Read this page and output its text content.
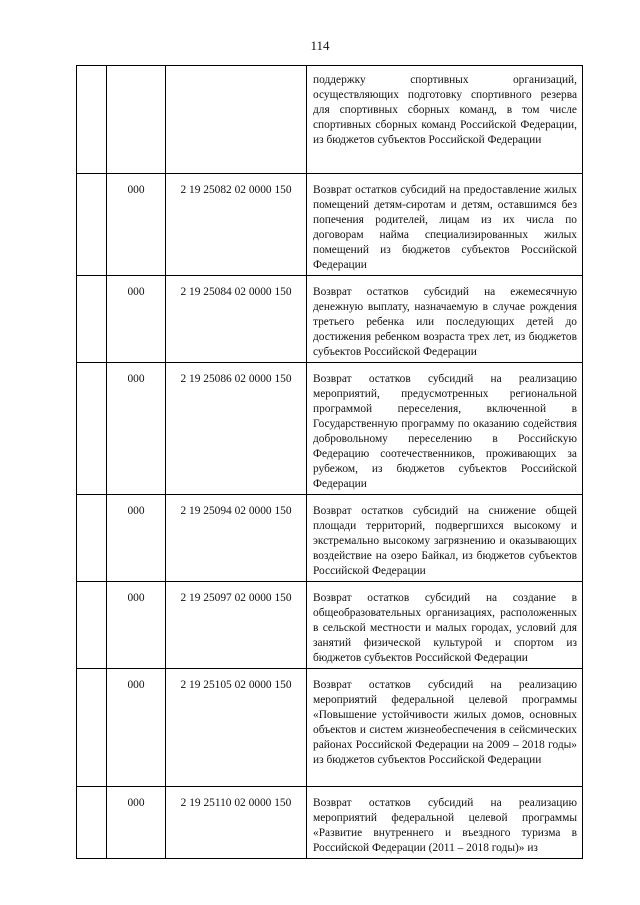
114
			поддержку спортивных организаций, осуществляющих подготовку спортивного резерва для спортивных сборных команд, в том числе спортивных сборных команд Российской Федерации, из бюджетов субъектов Российской Федерации
	000	2 19 25082 02 0000 150	Возврат остатков субсидий на предоставление жилых помещений детям-сиротам и детям, оставшимся без попечения родителей, лицам из их числа по договорам найма специализированных жилых помещений из бюджетов субъектов Российской Федерации
	000	2 19 25084 02 0000 150	Возврат остатков субсидий на ежемесячную денежную выплату, назначаемую в случае рождения третьего ребенка или последующих детей до достижения ребенком возраста трех лет, из бюджетов субъектов Российской Федерации
	000	2 19 25086 02 0000 150	Возврат остатков субсидий на реализацию мероприятий, предусмотренных региональной программой переселения, включенной в Государственную программу по оказанию содействия добровольному переселению в Российскую Федерацию соотечественников, проживающих за рубежом, из бюджетов субъектов Российской Федерации
	000	2 19 25094 02 0000 150	Возврат остатков субсидий на снижение общей площади территорий, подвергшихся высокому и экстремально высокому загрязнению и оказывающих воздействие на озеро Байкал, из бюджетов субъектов Российской Федерации
	000	2 19 25097 02 0000 150	Возврат остатков субсидий на создание в общеобразовательных организациях, расположенных в сельской местности и малых городах, условий для занятий физической культурой и спортом из бюджетов субъектов Российской Федерации
	000	2 19 25105 02 0000 150	Возврат остатков субсидий на реализацию мероприятий федеральной целевой программы «Повышение устойчивости жилых домов, основных объектов и систем жизнеобеспечения в сейсмических районах Российской Федерации на 2009 – 2018 годы» из бюджетов субъектов Российской Федерации
	000	2 19 25110 02 0000 150	Возврат остатков субсидий на реализацию мероприятий федеральной целевой программы «Развитие внутреннего и въездного туризма в Российской Федерации (2011 – 2018 годы)» из
